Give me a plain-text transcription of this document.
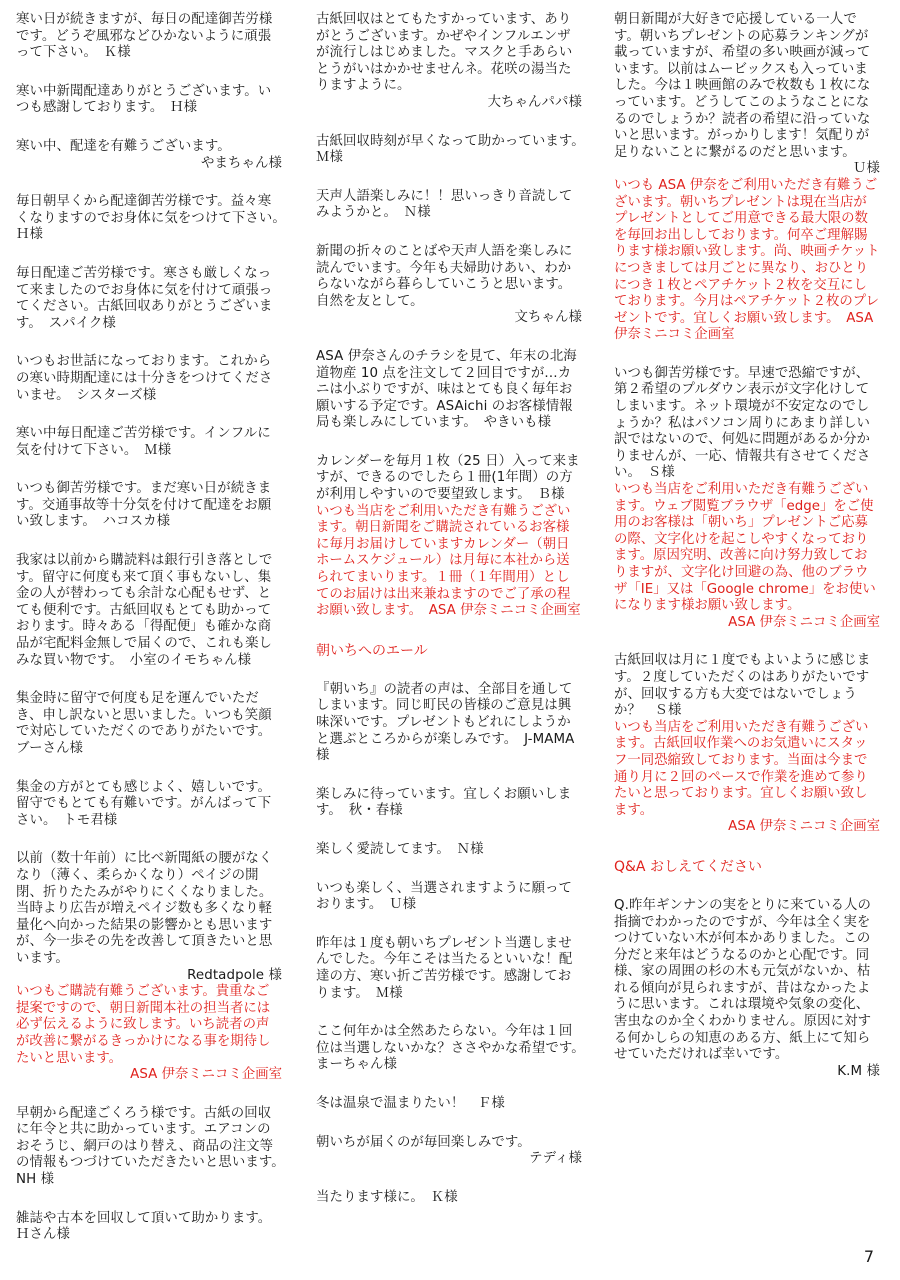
寒い日が続きますが、毎日の配達御苦労様です。どうぞ風邪などひかないように頑張って下さい。　 Ｋ様
寒い中新聞配達ありがとうございます。いつも感謝しております。　 Ｈ様
寒い中、配達を有難うございます。
やまちゃん様
毎日朝早くから配達御苦労様です。益々寒くなりますのでお身体に気をつけて下さい。　Ｈ様
毎日配達ご苦労様です。寒さも厳しくなって来ましたのでお身体に気を付けて頑張ってください。古紙回収ありがとうございます。　 スパイク様
いつもお世話になっております。これからの寒い時期配達には十分きをつけてくださいませ。　 シスターズ様
寒い中毎日配達ご苦労様です。インフルに気を付けて下さい。　 Ｍ様
いつも御苦労様です。まだ寒い日が続きます。交通事故等十分気を付けて配達をお願い致します。　 ハコスカ様
我家は以前から購読料は銀行引き落としです。留守に何度も来て頂く事もないし、集金の人が替わっても余計な心配もせず、とても便利です。古紙回収もとても助かっております。時々ある「得配便」も確かな商品が宅配料金無しで届くので、これも楽しみな買い物です。　 小室のイモちゃん様
集金時に留守で何度も足を運んでいただき、申し訳ないと思いました。いつも笑顔で対応していただくのでありがたいです。　ブーさん様
集金の方がとても感じよく、嬉しいです。留守でもとても有難いです。がんばって下さい。　 トモ君様
以前（数十年前）に比べ新聞紙の腰がなくなり（薄く、柔らかくなり）ペイジの開閉、折りたたみがやりにくくなりました。当時より広告が増えペイジ数も多くなり軽量化へ向かった結果の影響かとも思いますが、今一歩その先を改善して頂きたいと思います。
Redtadpole 様
いつもご購読有難うございます。貴重なご提案ですので、朝日新聞本社の担当者には必ず伝えるように致します。いち読者の声が改善に繋がるきっかけになる事を期待したいと思います。
ASA 伊奈ミニコミ企画室
早朝から配達ごくろう様です。古紙の回収に年令と共に助かっています。エアコンのおそうじ、網戸のはり替え、商品の注文等の情報もつづけていただきたいと思います。　NH 様
雑誌や古本を回収して頂いて助かります。　Ｈさん様
古紙回収はとてもたすかっています、ありがとうございます。かぜやインフルエンザが流行しはじめました。マスクと手あらいとうがいはかかせませんネ。花咲の湯当たりますように。
大ちゃんパパ様
古紙回収時刻が早くなって助かっています。　Ｍ様
天声人語楽しみに！！思いっきり音読してみようかと。　 Ｎ様
新聞の折々のことばや天声人語を楽しみに読んでいます。今年も夫婦助けあい、わからないながら暮らしていこうと思います。自然を友として。
文ちゃん様
ASA 伊奈さんのチラシを見て、年末の北海道物産 10 点を注文して２回目ですが…カニは小ぶりですが、味はとても良く毎年お願いする予定です。ASAichi のお客様情報局も楽しみにしています。　 やきいも様
カレンダーを毎月１枚（25 日）入って来ますが、できるのでしたら１冊(1年間）の方が利用しやすいので要望致します。　 Ｂ様
いつも当店をご利用いただき有難うございます。朝日新聞をご購読されているお客様に毎月お届けしていますカレンダー（朝日ホームスケジュール）は月毎に本社から送られてまいります。１冊（１年間用）としてのお届けは出来兼ねますのでご了承の程お願い致します。　 ASA 伊奈ミニコミ企画室
朝いちへのエール
『朝いち』の読者の声は、全部目を通してしまいます。同じ町民の皆様のご意見は興味深いです。プレゼントもどれにしようかと選ぶところからが楽しみです。　 J-MAMA 様
楽しみに待っています。宜しくお願いします。　 秋・春様
楽しく愛読してます。　 Ｎ様
いつも楽しく、当選されますように願っております。　 Ｕ様
昨年は１度も朝いちプレゼント当選しませんでした。今年こそは当たるといいな！配達の方、寒い折ご苦労様です。感謝しております。　 Ｍ様
ここ何年かは全然あたらない。今年は１回位は当選しないかな？ささやかな希望です。　まーちゃん様
冬は温泉で温まりたい！　 Ｆ様
朝いちが届くのが毎回楽しみです。
テディ様
当たります様に。　 Ｋ様
朝日新聞が大好きで応援している一人です。朝いちプレゼントの応募ランキングが載っていますが、希望の多い映画が減っています。以前はムービックスも入っていました。今は１映画館のみで枚数も１枚になっています。どうしてこのようなことになるのでしょうか？読者の希望に沿っていないと思います。がっかりします！気配りが足りないことに繋がるのだと思います。
Ｕ様
いつも ASA 伊奈をご利用いただき有難うございます。朝いちプレゼントは現在当店がプレゼントとしてご用意できる最大限の数を毎回お出ししております。何卒ご理解賜ります様お願い致します。尚、映画チケットにつきましては月ごとに異なり、おひとりにつき１枚とペアチケット２枚を交互にしております。今月はペアチケット２枚のプレゼントです。宜しくお願い致します。　 ASA 伊奈ミニコミ企画室
いつも御苦労様です。早速で恐縮ですが、第２希望のプルダウン表示が文字化けしてしまいます。ネット環境が不安定なのでしょうか？私はパソコン周りにあまり詳しい訳ではないので、何処に問題があるか分かりませんが、一応、情報共有させてください。　 Ｓ様
いつも当店をご利用いただき有難うございます。ウェブ閲覧ブラウザ「edge」をご使用のお客様は「朝いち」プレゼントご応募の際、文字化けを起こしやすくなっております。原因究明、改善に向け努力致しておりますが、文字化け回避の為、他のブラウザ「IE」又は「Google chrome」をお使いになります様お願い致します。
ASA 伊奈ミニコミ企画室
古紙回収は月に１度でもよいように感じます。２度していただくのはありがたいですが、回収する方も大変ではないでしょうか？　 Ｓ様
いつも当店をご利用いただき有難うございます。古紙回収作業へのお気遣いにスタッフ一同恐縮致しております。当面は今まで通り月に２回のペースで作業を進めて参りたいと思っております。宜しくお願い致します。
ASA 伊奈ミニコミ企画室
Q&A おしえてください
Q.昨年ギンナンの実をとりに来ている人の指摘でわかったのですが、今年は全く実をつけていない木が何本かありました。この分だと来年はどうなるのかと心配です。同様、家の周囲の杉の木も元気がないか、枯れる傾向が見られますが、昔はなかったように思います。これは環境や気象の変化、害虫なのか全くわかりません。原因に対する何かしらの知恵のある方、紙上にて知らせていただければ幸いです。
K.M 様
7
